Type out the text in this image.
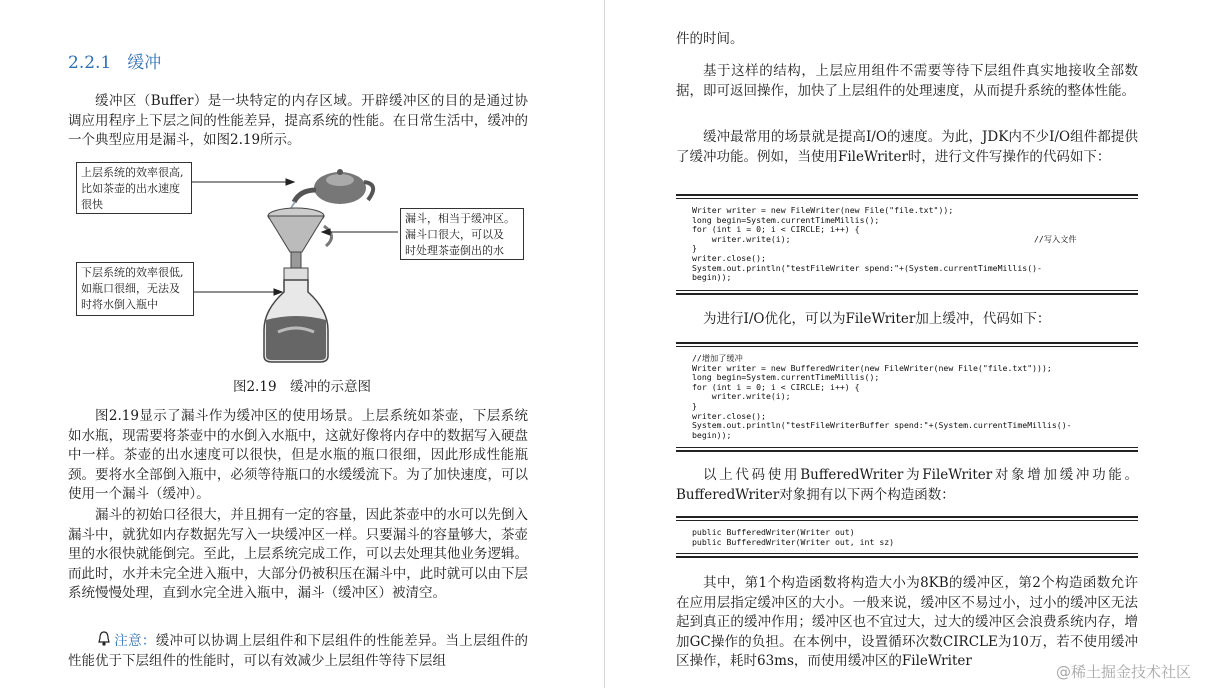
2.2.1 缓冲

缓冲区（Buffer）是一块特定的内存区域。开辟缓冲区的目的是通过协调应用程序上下层之间的性能差异，提高系统的性能。在日常生活中，缓冲的一个典型应用是漏斗，如图2.19所示。

上层系统的效率很高,
比如茶壶的出水速度
很快
漏斗，相当于缓冲区。
漏斗口很大，可以及
时处理茶壶倒出的水
下层系统的效率很低,
如瓶口很细，无法及
时将水倒入瓶中
图2.19　缓冲的示意图

图2.19显示了漏斗作为缓冲区的使用场景。上层系统如茶壶，下层系统如水瓶，现需要将茶壶中的水倒入水瓶中，这就好像将内存中的数据写入硬盘中一样。茶壶的出水速度可以很快，但是水瓶的瓶口很细，因此形成性能瓶颈。要将水全部倒入瓶中，必须等待瓶口的水缓缓流下。为了加快速度，可以使用一个漏斗（缓冲）。

漏斗的初始口径很大，并且拥有一定的容量，因此茶壶中的水可以先倒入漏斗中，就犹如内存数据先写入一块缓冲区一样。只要漏斗的容量够大，茶壶里的水很快就能倒完。至此，上层系统完成工作，可以去处理其他业务逻辑。而此时，水并未完全进入瓶中，大部分仍被积压在漏斗中，此时就可以由下层系统慢慢处理，直到水完全进入瓶中，漏斗（缓冲区）被清空。

注意：缓冲可以协调上层组件和下层组件的性能差异。当上层组件的性能优于下层组件的性能时，可以有效减少上层组件等待下层组

件的时间。

基于这样的结构，上层应用组件不需要等待下层组件真实地接收全部数据，即可返回操作，加快了上层组件的处理速度，从而提升系统的整体性能。

缓冲最常用的场景就是提高I/O的速度。为此，JDK内不少I/O组件都提供了缓冲功能。例如，当使用FileWriter时，进行文件写操作的代码如下：

Writer writer = new FileWriter(new File("file.txt"));
long begin=System.currentTimeMillis();
for (int i = 0; i < CIRCLE; i++) {
writer.write(i);	//写入文件
}
writer.close();
System.out.println("testFileWriter spend:"+(System.currentTimeMillis()-
begin));

为进行I/O优化，可以为FileWriter加上缓冲，代码如下：

//增加了缓冲
Writer writer = new BufferedWriter(new FileWriter(new File("file.txt")));
long begin=System.currentTimeMillis();
for (int i = 0; i < CIRCLE; i++) {
writer.write(i);
}
writer.close();
System.out.println("testFileWriterBuffer spend:"+(System.currentTimeMillis()-
begin));

以上代码使用BufferedWriter为FileWriter对象增加缓冲功能。BufferedWriter对象拥有以下两个构造函数：

public BufferedWriter(Writer out)
public BufferedWriter(Writer out, int sz)

其中，第1个构造函数将构造大小为8KB的缓冲区，第2个构造函数允许在应用层指定缓冲区的大小。一般来说，缓冲区不易过小，过小的缓冲区无法起到真正的缓冲作用；缓冲区也不宜过大，过大的缓冲区会浪费系统内存，增加GC操作的负担。在本例中，设置循环次数CIRCLE为10万，若不使用缓冲区操作，耗时63ms，而使用缓冲区的FileWriter

@稀土掘金技术社区
